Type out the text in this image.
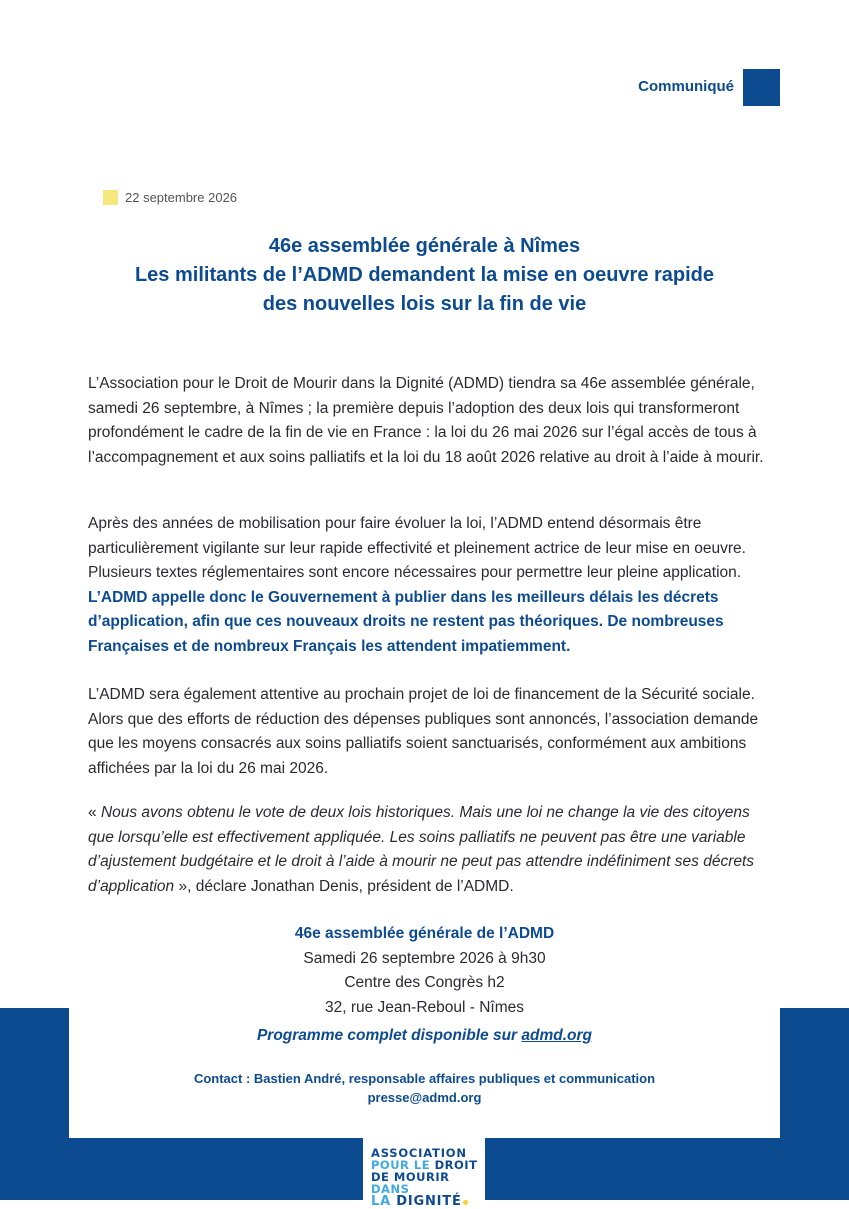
Communiqué
22 septembre 2026
46e assemblée générale à Nîmes
Les militants de l’ADMD demandent la mise en oeuvre rapide
des nouvelles lois sur la fin de vie
L’Association pour le Droit de Mourir dans la Dignité (ADMD) tiendra sa 46e assemblée générale, samedi 26 septembre, à Nîmes ; la première depuis l’adoption des deux lois qui transformeront profondément le cadre de la fin de vie en France : la loi du 26 mai 2026 sur l’égal accès de tous à l’accompagnement et aux soins palliatifs et la loi du 18 août 2026 relative au droit à l’aide à mourir.
Après des années de mobilisation pour faire évoluer la loi, l’ADMD entend désormais être particulièrement vigilante sur leur rapide effectivité et pleinement actrice de leur mise en oeuvre. Plusieurs textes réglementaires sont encore nécessaires pour permettre leur pleine application. L’ADMD appelle donc le Gouvernement à publier dans les meilleurs délais les décrets d’application, afin que ces nouveaux droits ne restent pas théoriques. De nombreuses Françaises et de nombreux Français les attendent impatiemment.
L’ADMD sera également attentive au prochain projet de loi de financement de la Sécurité sociale. Alors que des efforts de réduction des dépenses publiques sont annoncés, l’association demande que les moyens consacrés aux soins palliatifs soient sanctuarisés, conformément aux ambitions affichées par la loi du 26 mai 2026.
« Nous avons obtenu le vote de deux lois historiques. Mais une loi ne change la vie des citoyens que lorsqu’elle est effectivement appliquée. Les soins palliatifs ne peuvent pas être une variable d’ajustement budgétaire et le droit à l’aide à mourir ne peut pas attendre indéfiniment ses décrets d’application », déclare Jonathan Denis, président de l’ADMD.
46e assemblée générale de l’ADMD
Samedi 26 septembre 2026 à 9h30
Centre des Congrès h2
32, rue Jean-Reboul - Nîmes
Programme complet disponible sur admd.org
Contact : Bastien André, responsable affaires publiques et communication
presse@admd.org
ASSOCIATION
POUR LE DROIT
DE MOURIR DANS
LA DIGNITÉ
